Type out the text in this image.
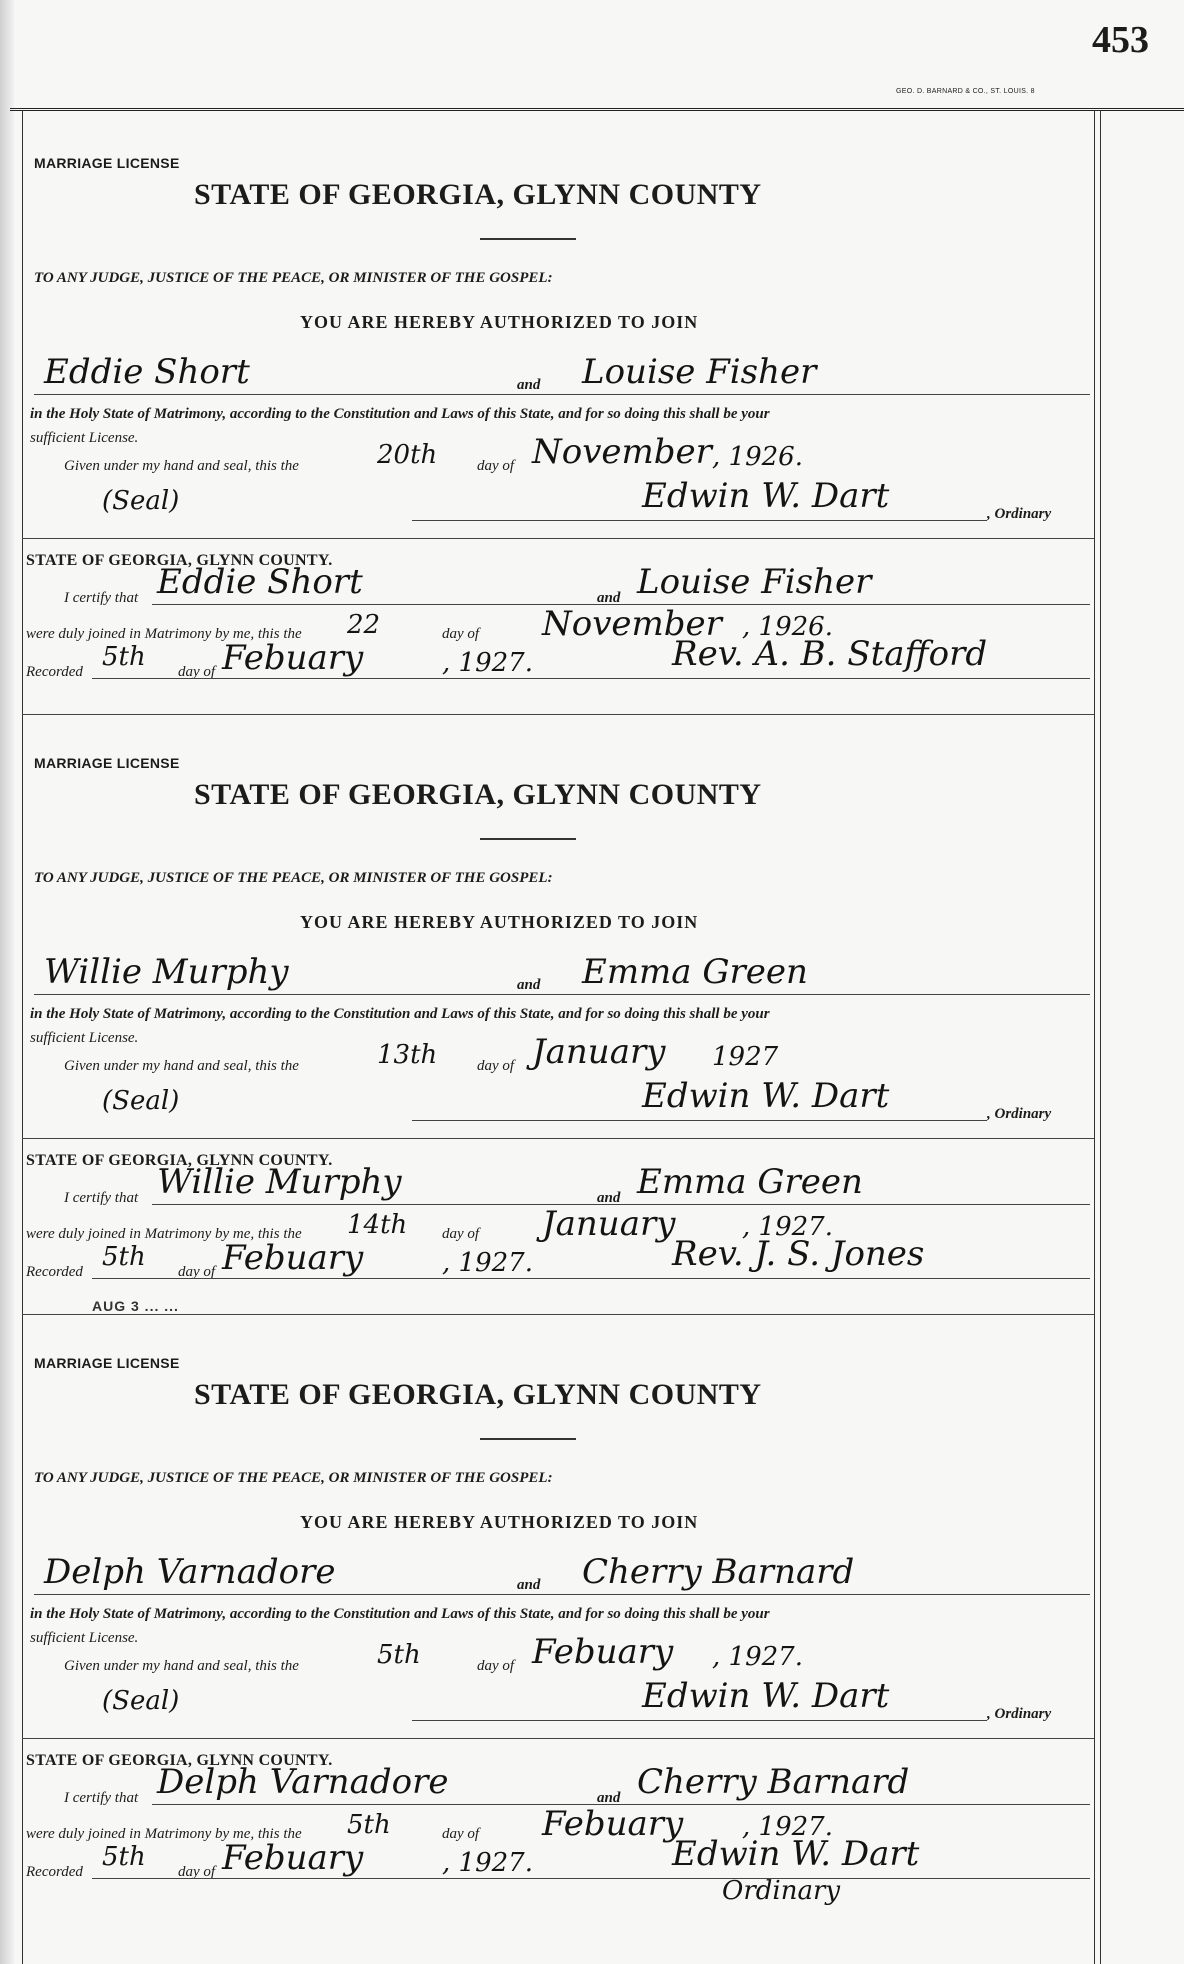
453
GEO. D. BARNARD & CO., ST. LOUIS. 8
MARRIAGE LICENSE
STATE OF GEORGIA, GLYNN COUNTY
TO ANY JUDGE, JUSTICE OF THE PEACE, OR MINISTER OF THE GOSPEL:
YOU ARE HEREBY AUTHORIZED TO JOIN
Eddie Short	and Louise Fisher
in the Holy State of Matrimony, according to the Constitution and Laws of this State, and for so doing this shall be your
sufficient License.
Given under my hand and seal, this the	20th	day of November , 1926.
(Seal)	Edwin W. Dart	, Ordinary
STATE OF GEORGIA, GLYNN COUNTY.
I certify that Eddie Short	and Louise Fisher
were duly joined in Matrimony by me, this the 22	day of November , 1926.
Recorded 5th day of Febuary	, 1927.	Rev. A. B. Stafford
MARRIAGE LICENSE
STATE OF GEORGIA, GLYNN COUNTY
TO ANY JUDGE, JUSTICE OF THE PEACE, OR MINISTER OF THE GOSPEL:
YOU ARE HEREBY AUTHORIZED TO JOIN
Willie Murphy	and Emma Green
in the Holy State of Matrimony, according to the Constitution and Laws of this State, and for so doing this shall be your
sufficient License.
Given under my hand and seal, this the	13th	day of January 1927
(Seal)	Edwin W. Dart	, Ordinary
STATE OF GEORGIA, GLYNN COUNTY.
I certify that Willie Murphy	and Emma Green
were duly joined in Matrimony by me, this the 14th day of January	, 1927.
Recorded 5th day of Febuary	, 1927.	Rev. J. S. Jones
AUG 3 ... ...
MARRIAGE LICENSE
STATE OF GEORGIA, GLYNN COUNTY
TO ANY JUDGE, JUSTICE OF THE PEACE, OR MINISTER OF THE GOSPEL:
YOU ARE HEREBY AUTHORIZED TO JOIN
Delph Varnadore	and Cherry Barnard
in the Holy State of Matrimony, according to the Constitution and Laws of this State, and for so doing this shall be your
sufficient License.
Given under my hand and seal, this the	5th	day of Febuary , 1927.
(Seal)	Edwin W. Dart	, Ordinary
STATE OF GEORGIA, GLYNN COUNTY.
I certify that Delph Varnadore	and Cherry Barnard
were duly joined in Matrimony by me, this the 5th	day of Febuary , 1927.
Recorded 5th day of Febuary	, 1927.	Edwin W. Dart
Ordinary
